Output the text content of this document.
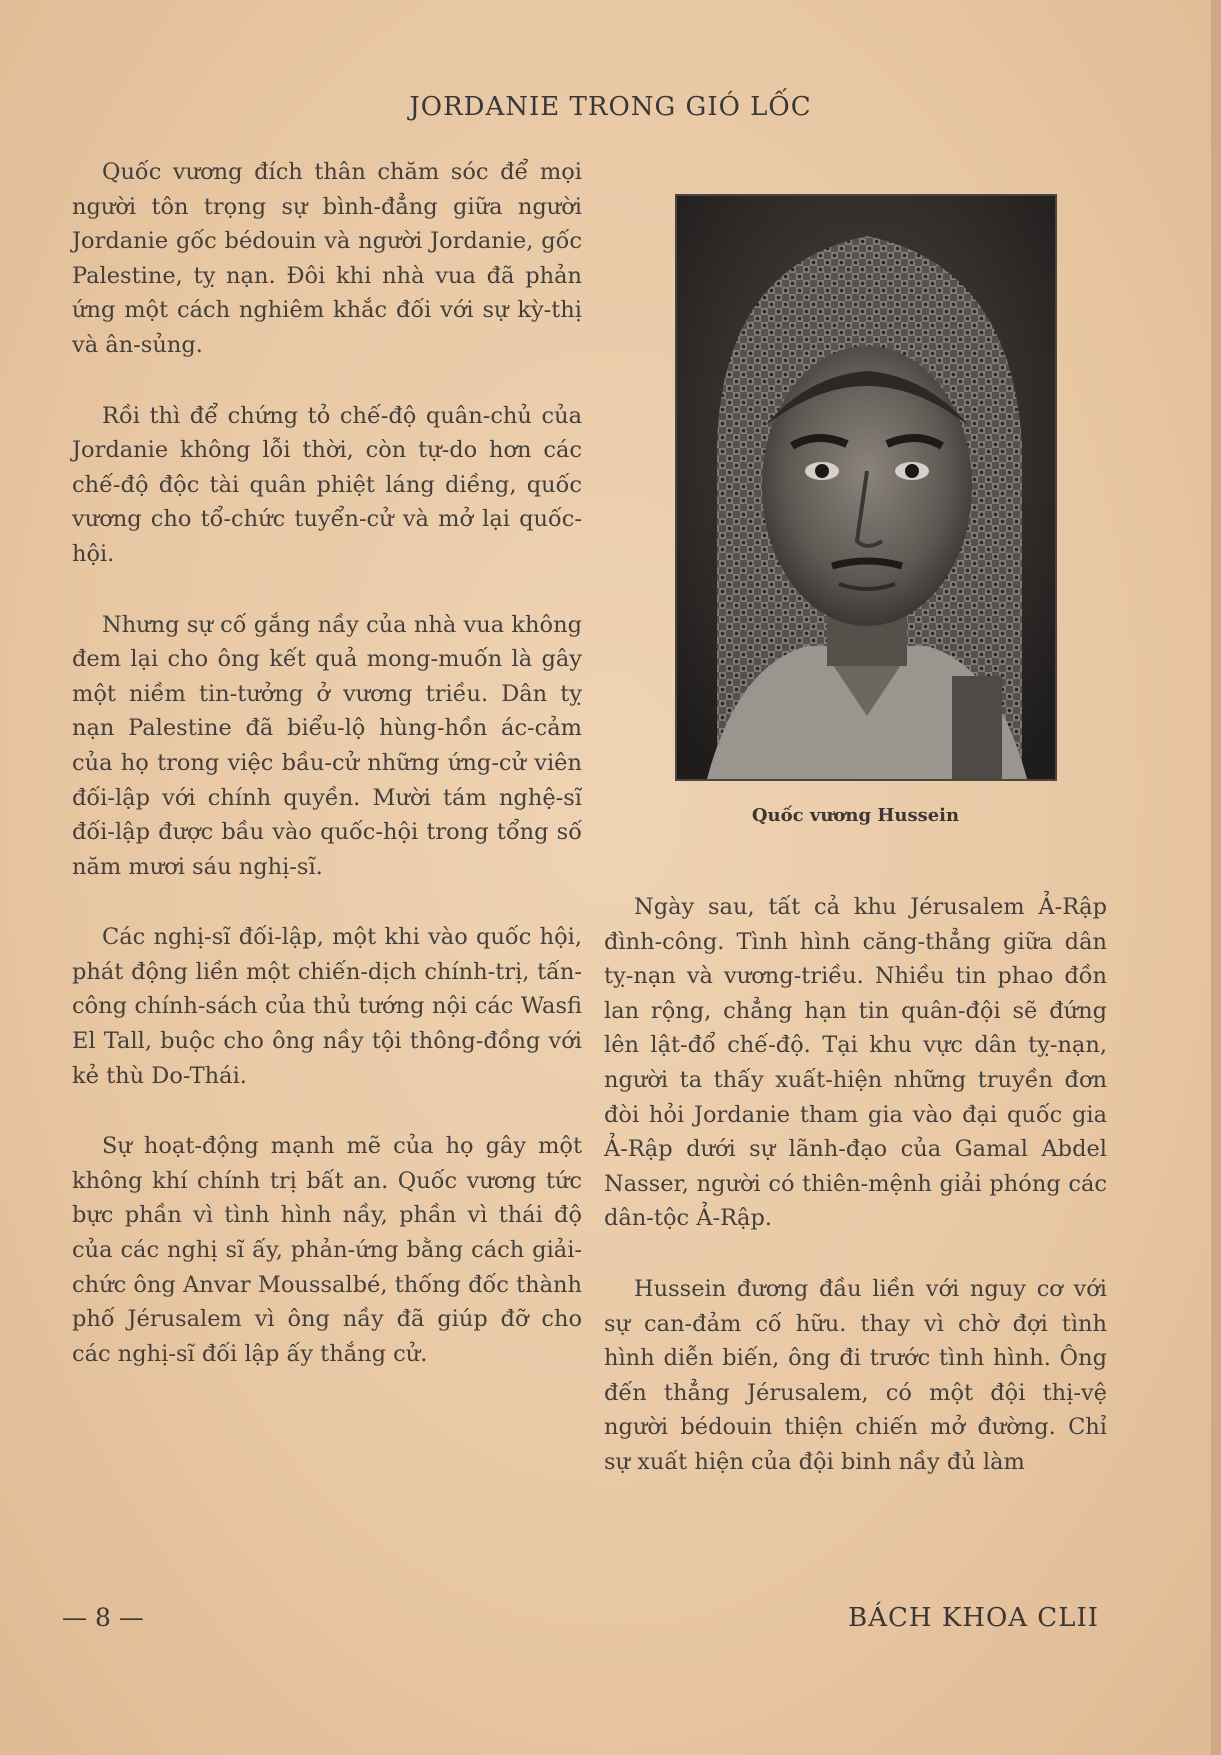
JORDANIE TRONG GIÓ LỐC

Quốc vương đích thân chăm sóc để mọi người tôn trọng sự bình-đẳng giữa người Jordanie gốc bédouin và người Jordanie, gốc Palestine, tỵ nạn. Đôi khi nhà vua đã phản ứng một cách nghiêm khắc đối với sự kỳ-thị và ân-sủng.

Rồi thì để chứng tỏ chế-độ quân-chủ của Jordanie không lỗi thời, còn tự-do hơn các chế-độ độc tài quân phiệt láng diềng, quốc vương cho tổ-chức tuyển-cử và mở lại quốc-hội.

Nhưng sự cố gắng nầy của nhà vua không đem lại cho ông kết quả mong-muốn là gây một niềm tin-tưởng ở vương triều. Dân tỵ nạn Palestine đã biểu-lộ hùng-hồn ác-cảm của họ trong việc bầu-cử những ứng-cử viên đối-lập với chính quyền. Mười tám nghệ-sĩ đối-lập được bầu vào quốc-hội trong tổng số năm mươi sáu nghị-sĩ.

Các nghị-sĩ đối-lập, một khi vào quốc hội, phát động liền một chiến-dịch chính-trị, tấn-công chính-sách của thủ tướng nội các Wasfi El Tall, buộc cho ông nầy tội thông-đồng với kẻ thù Do-Thái.

Sự hoạt-động mạnh mẽ của họ gây một không khí chính trị bất an. Quốc vương tức bực phần vì tình hình nầy, phần vì thái độ của các nghị sĩ ấy, phản-ứng bằng cách giải-chức ông Anvar Moussalbé, thống đốc thành phố Jérusalem vì ông nầy đã giúp đỡ cho các nghị-sĩ đối lập ấy thắng cử.

Quốc vương Hussein

Ngày sau, tất cả khu Jérusalem Ả-Rập đình-công. Tình hình căng-thẳng giữa dân tỵ-nạn và vương-triều. Nhiều tin phao đồn lan rộng, chẳng hạn tin quân-đội sẽ đứng lên lật-đổ chế-độ. Tại khu vực dân tỵ-nạn, người ta thấy xuất-hiện những truyền đơn đòi hỏi Jordanie tham gia vào đại quốc gia Ả-Rập dưới sự lãnh-đạo của Gamal Abdel Nasser, người có thiên-mệnh giải phóng các dân-tộc Ả-Rập.

Hussein đương đầu liền với nguy cơ với sự can-đảm cố hữu. thay vì chờ đợi tình hình diễn biến, ông đi trước tình hình. Ông đến thẳng Jérusalem, có một đội thị-vệ người bédouin thiện chiến mở đường. Chỉ sự xuất hiện của đội binh nầy đủ làm

— 8 —	BÁCH KHOA CLII
